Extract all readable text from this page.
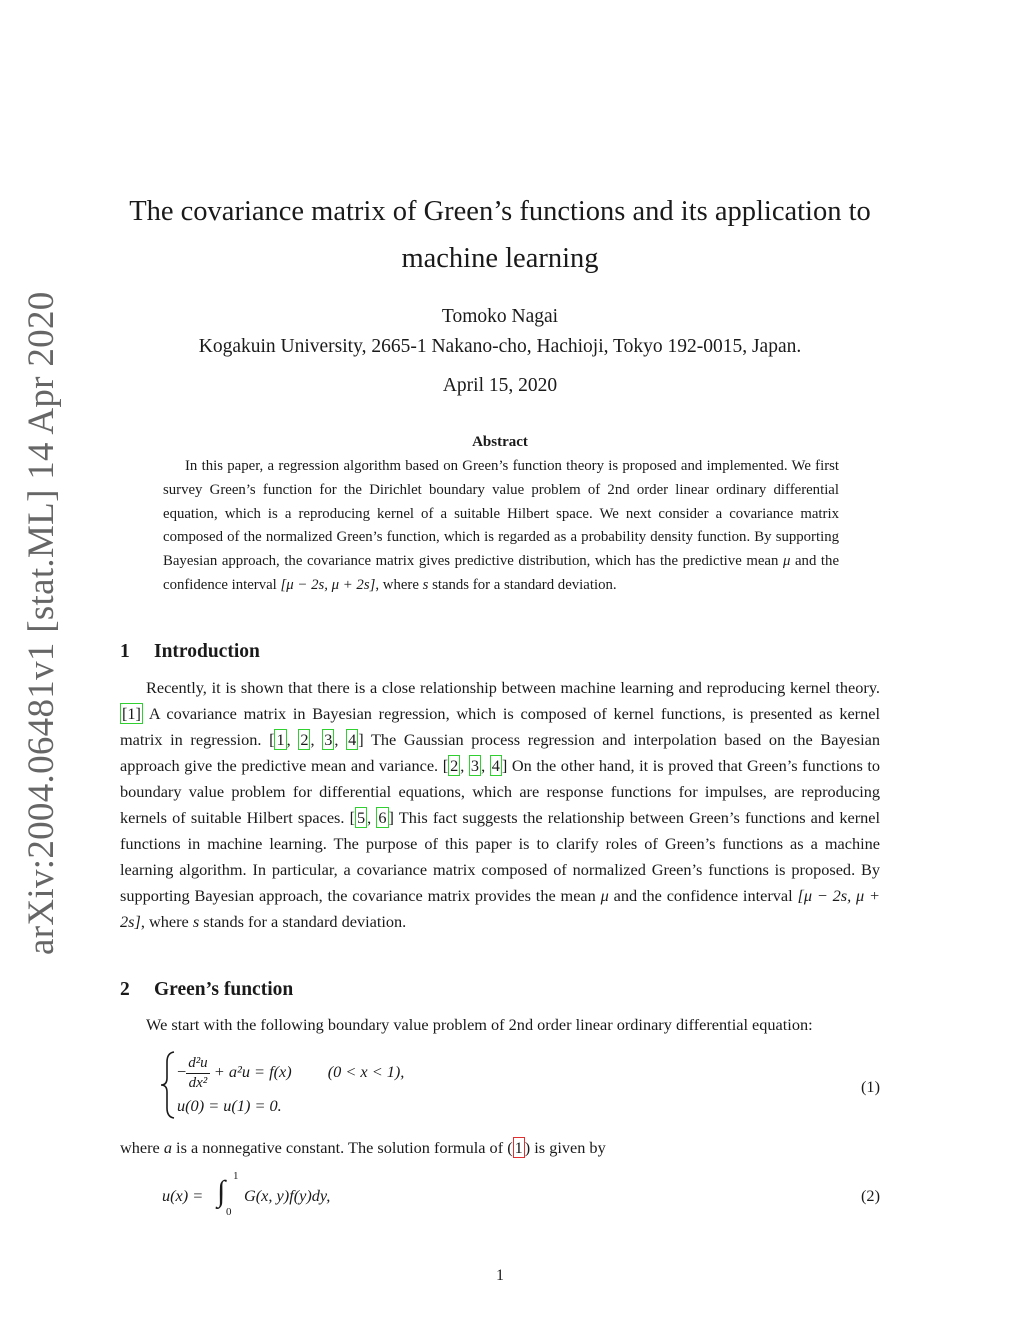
arXiv:2004.06481v1 [stat.ML] 14 Apr 2020
The covariance matrix of Green’s functions and its application to
machine learning
Tomoko Nagai
Kogakuin University, 2665-1 Nakano-cho, Hachioji, Tokyo 192-0015, Japan.
April 15, 2020
Abstract
In this paper, a regression algorithm based on Green’s function theory is proposed and implemented. We first survey Green’s function for the Dirichlet boundary value problem of 2nd order linear ordinary differential equation, which is a reproducing kernel of a suitable Hilbert space. We next consider a covariance matrix composed of the normalized Green’s function, which is regarded as a probability density function. By supporting Bayesian approach, the covariance matrix gives predictive distribution, which has the predictive mean μ and the confidence interval [μ − 2s, μ + 2s], where s stands for a standard deviation.
1 Introduction
Recently, it is shown that there is a close relationship between machine learning and reproducing kernel theory.[1] A covariance matrix in Bayesian regression, which is composed of kernel functions, is presented as kernel matrix in regression. [ 1 , 2 , 3 , 4 ] The Gaussian process regression and interpolation based on the Bayesian approach give the predictive mean and variance. [ 2 , 3 , 4 ] On the other hand, it is proved that Green’s functions to boundary value problem for differential equations, which are response functions for impulses, are reproducing kernels of suitable Hilbert spaces. [ 5 , 6 ] This fact suggests the relationship between Green’s functions and kernel functions in machine learning. The purpose of this paper is to clarify roles of Green’s functions as a machine learning algorithm. In particular, a covariance matrix composed of normalized Green’s functions is proposed. By supporting Bayesian approach, the covariance matrix provides the mean μ and the confidence interval [μ − 2s, μ + 2s], where s stands for a standard deviation.
2 Green’s function
We start with the following boundary value problem of 2nd order linear ordinary differential equation:
− $\frac{\text{d²u}}{\text{dx²}} + a^2u = f(x) (0 < x < 1)$,
u(0) = u(1) = 0.
(1)
where a is a nonnegative constant. The solution formula of ( 1 ) is given by
u(x) = ∫ 1
0
G(x, y)f(y)dy,	(2)
1
